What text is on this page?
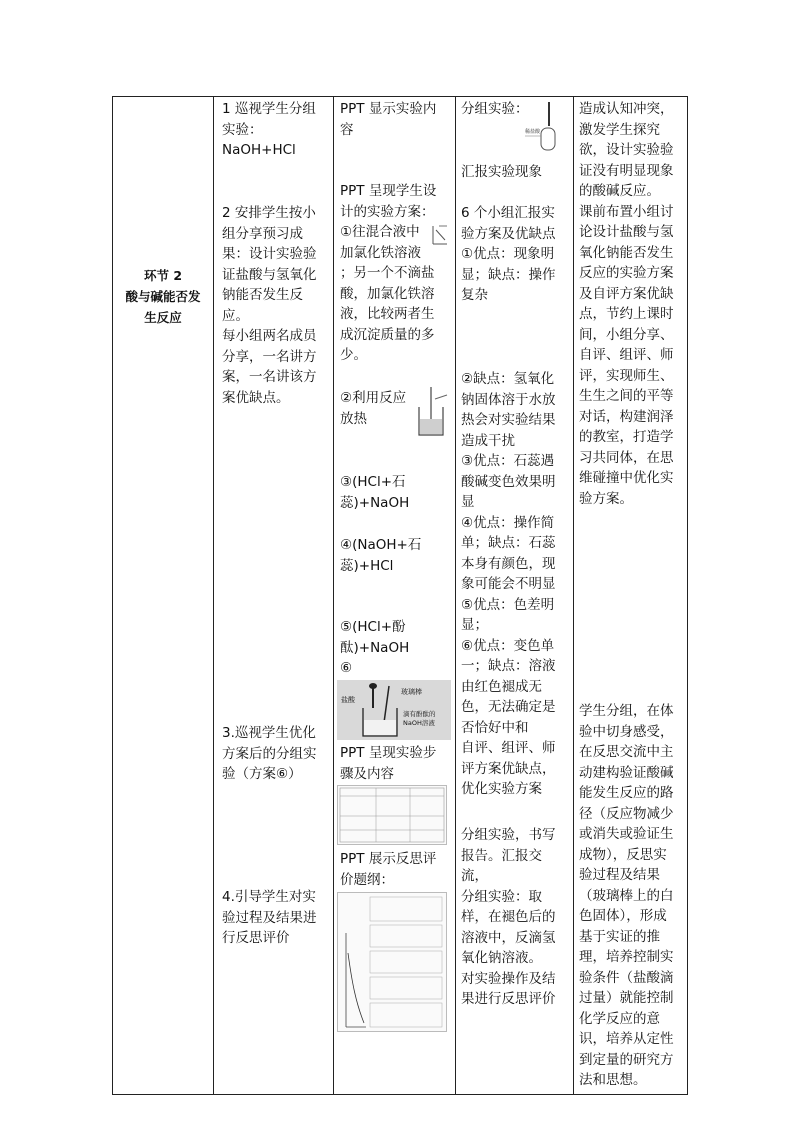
环节 2
酸与碱能否发
生反应
1 巡视学生分组
实验：
NaOH+HCl
2 安排学生按小
组分享预习成
果：设计实验验
证盐酸与氢氧化
钠能否发生反
应。
每小组两名成员
分享，一名讲方
案，一名讲该方
案优缺点。
3.巡视学生优化
方案后的分组实
验（方案⑥）
4.引导学生对实
验过程及结果进
行反思评价
PPT 显示实验内
容
PPT 呈现学生设
计的实验方案：
①往混合液中
加氯化铁溶液
；另一个不滴盐
酸，加氯化铁溶
液，比较两者生
成沉淀质量的多
少。
②利用反应
放热
③(HCl+石
蕊)+NaOH
④(NaOH+石
蕊)+HCl
⑤(HCl+酚
酞)+NaOH
⑥
盐酸
玻璃棒
滴有酚酞的
NaOH溶液
PPT 呈现实验步
骤及内容
PPT 展示反思评
价题纲：
分组实验：
稀盐酸
汇报实验现象
6 个小组汇报实
验方案及优缺点
①优点：现象明
显；缺点：操作
复杂
②缺点：氢氧化
钠固体溶于水放
热会对实验结果
造成干扰
③优点：石蕊遇
酸碱变色效果明
显
④优点：操作简
单；缺点：石蕊
本身有颜色，现
象可能会不明显
⑤优点：色差明
显；
⑥优点：变色单
一；缺点：溶液
由红色褪成无
色，无法确定是
否恰好中和
自评、组评、师
评方案优缺点，
优化实验方案
分组实验，书写
报告。汇报交
流，
分组实验：取
样，在褪色后的
溶液中，反滴氢
氧化钠溶液。
对实验操作及结
果进行反思评价
造成认知冲突，
激发学生探究
欲，设计实验验
证没有明显现象
的酸碱反应。
课前布置小组讨
论设计盐酸与氢
氧化钠能否发生
反应的实验方案
及自评方案优缺
点，节约上课时
间，小组分享、
自评、组评、师
评，实现师生、
生生之间的平等
对话，构建润泽
的教室，打造学
习共同体，在思
维碰撞中优化实
验方案。
学生分组，在体
验中切身感受，
在反思交流中主
动建构验证酸碱
能发生反应的路
径（反应物减少
或消失或验证生
成物），反思实
验过程及结果
（玻璃棒上的白
色固体），形成
基于实证的推
理，培养控制实
验条件（盐酸滴
过量）就能控制
化学反应的意
识，培养从定性
到定量的研究方
法和思想。
